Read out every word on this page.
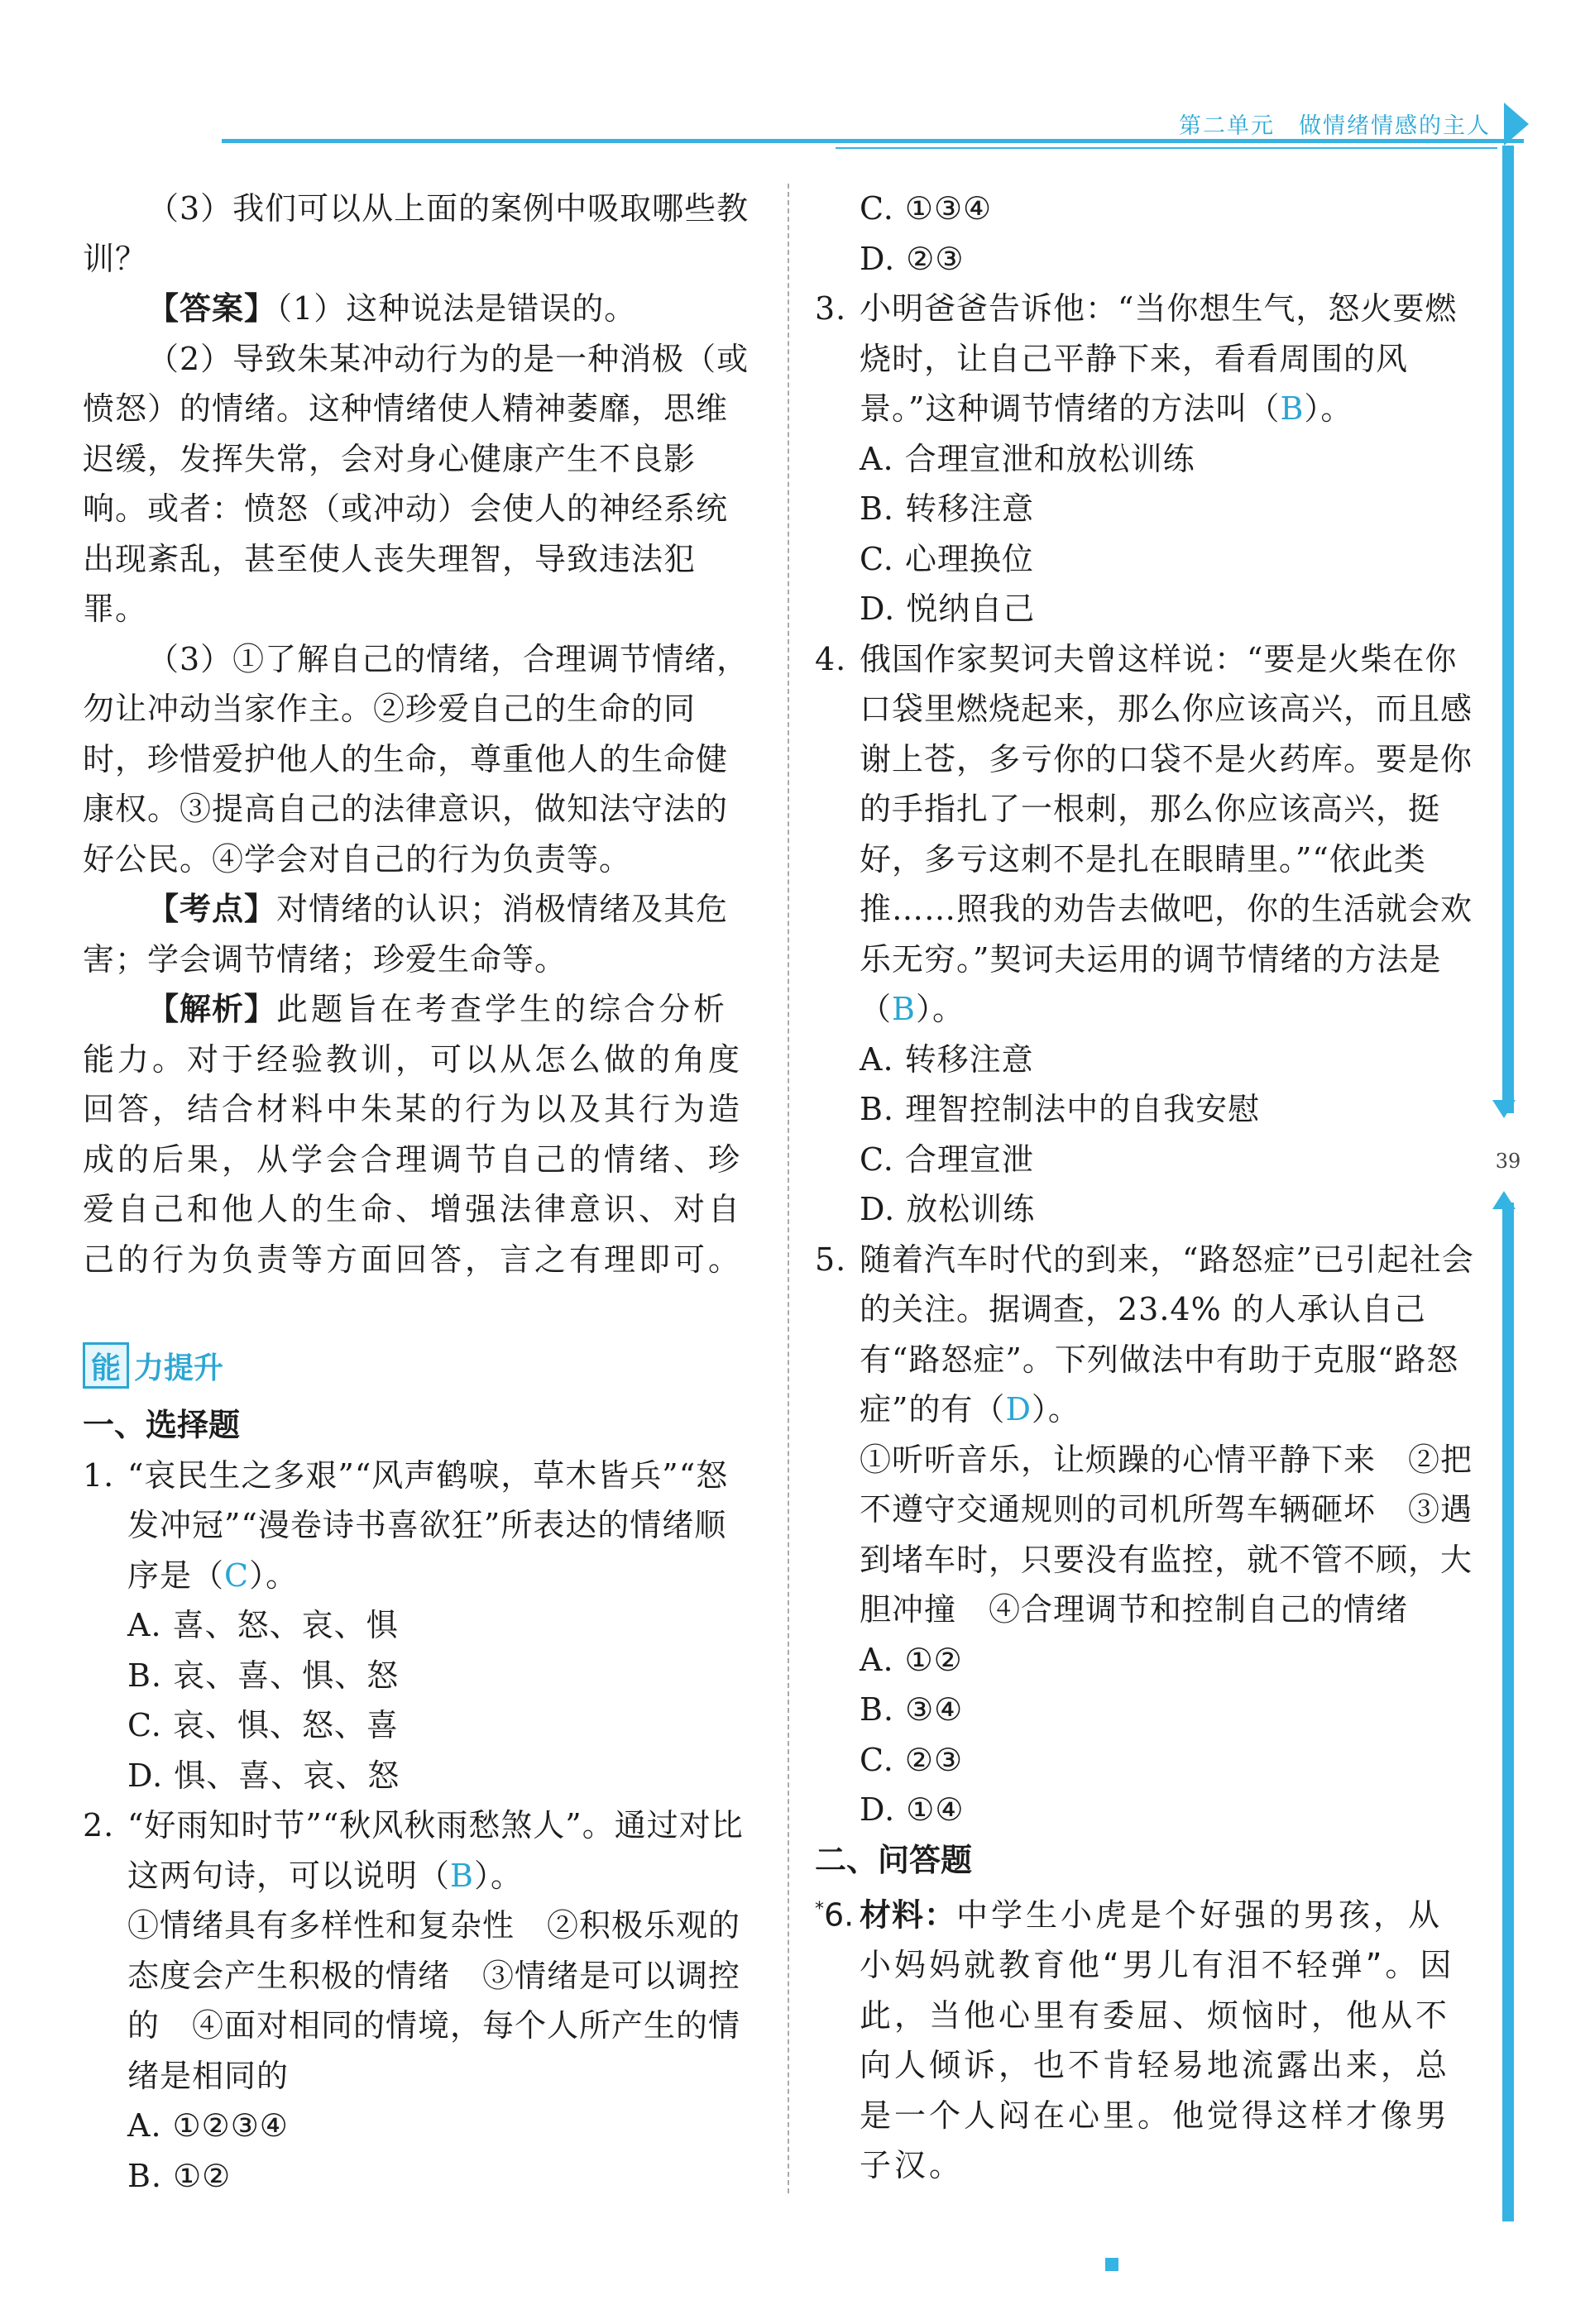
第二单元　做情绪情感的主人
39

（3）我们可以从上面的案例中吸取哪些教训？

【答案】（1）这种说法是错误的。

（2）导致朱某冲动行为的是一种消极（或愤怒）的情绪。这种情绪使人精神萎靡，思维迟缓，发挥失常，会对身心健康产生不良影响。或者：愤怒（或冲动）会使人的神经系统出现紊乱，甚至使人丧失理智，导致违法犯罪。

（3）①了解自己的情绪，合理调节情绪，勿让冲动当家作主。②珍爱自己的生命的同时，珍惜爱护他人的生命，尊重他人的生命健康权。③提高自己的法律意识，做知法守法的好公民。④学会对自己的行为负责等。

【考点】对情绪的认识；消极情绪及其危害；学会调节情绪；珍爱生命等。

【解析】此题旨在考查学生的综合分析能力。对于经验教训，可以从怎么做的角度回答，结合材料中朱某的行为以及其行为造成的后果，从学会合理调节自己的情绪、珍爱自己和他人的生命、增强法律意识、对自己的行为负责等方面回答，言之有理即可。

能 力提升

一、选择题

1. “哀民生之多艰”“风声鹤唳，草木皆兵”“怒发冲冠”“漫卷诗书喜欲狂”所表达的情绪顺序是（C）。

A. 喜、怒、哀、惧

B. 哀、喜、惧、怒

C. 哀、惧、怒、喜

D. 惧、喜、哀、怒

2. “好雨知时节”“秋风秋雨愁煞人”。通过对比这两句诗，可以说明（B）。

①情绪具有多样性和复杂性　②积极乐观的态度会产生积极的情绪　③情绪是可以调控的　④面对相同的情境，每个人所产生的情绪是相同的

A. ①②③④

B. ①②

C. ①③④

D. ②③

3. 小明爸爸告诉他：“当你想生气，怒火要燃烧时，让自己平静下来，看看周围的风景。”这种调节情绪的方法叫（B）。

A. 合理宣泄和放松训练

B. 转移注意

C. 心理换位

D. 悦纳自己

4. 俄国作家契诃夫曾这样说：“要是火柴在你口袋里燃烧起来，那么你应该高兴，而且感谢上苍，多亏你的口袋不是火药库。要是你的手指扎了一根刺，那么你应该高兴，挺好，多亏这刺不是扎在眼睛里。”“依此类推……照我的劝告去做吧，你的生活就会欢乐无穷。”契诃夫运用的调节情绪的方法是（B）。

A. 转移注意

B. 理智控制法中的自我安慰

C. 合理宣泄

D. 放松训练

5. 随着汽车时代的到来，“路怒症”已引起社会的关注。据调查，23.4% 的人承认自己有“路怒症”。下列做法中有助于克服“路怒症”的有（D）。

①听听音乐，让烦躁的心情平静下来　②把不遵守交通规则的司机所驾车辆砸坏　③遇到堵车时，只要没有监控，就不管不顾，大胆冲撞　④合理调节和控制自己的情绪

A. ①②

B. ③④

C. ②③

D. ①④

二、问答题

*6. 材料：中学生小虎是个好强的男孩，从小妈妈就教育他“男儿有泪不轻弹”。因此，当他心里有委屈、烦恼时，他从不向人倾诉，也不肯轻易地流露出来，总是一个人闷在心里。他觉得这样才像男子汉。
